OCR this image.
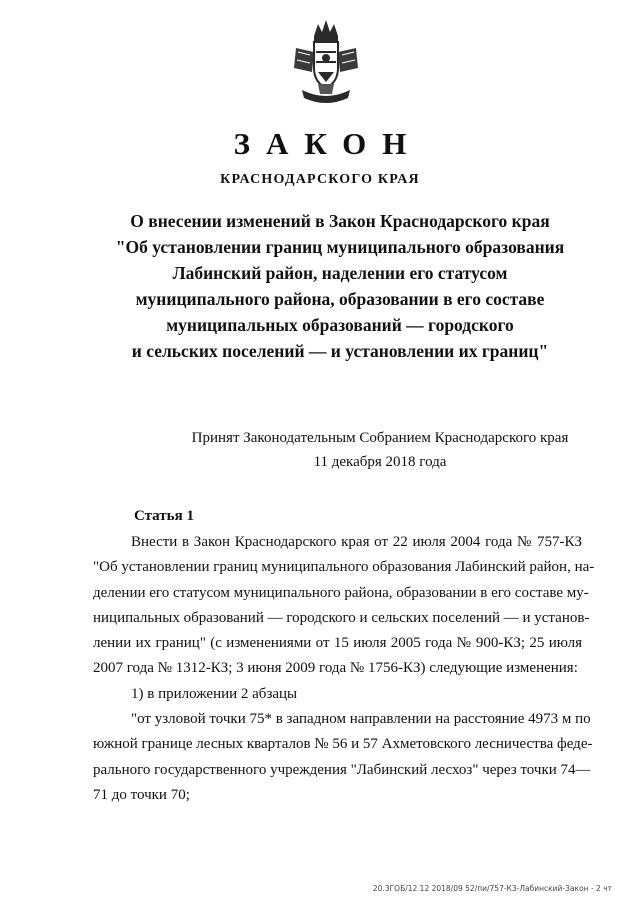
ЗАКОН
КРАСНОДАРСКОГО КРАЯ
О внесении изменений в Закон Краснодарского края
"Об установлении границ муниципального образования
Лабинский район, наделении его статусом
муниципального района, образовании в его составе
муниципальных образований — городского
и сельских поселений — и установлении их границ"
Принят Законодательным Собранием Краснодарского края
11 декабря 2018 года
Статья 1
Внести в Закон Краснодарского края от 22 июля 2004 года № 757-КЗ
"Об установлении границ муниципального образования Лабинский район, на-
делении его статусом муниципального района, образовании в его составе му-
ниципальных образований — городского и сельских поселений — и установ-
лении их границ" (с изменениями от 15 июля 2005 года № 900-КЗ; 25 июля
2007 года № 1312-КЗ; 3 июня 2009 года № 1756-КЗ) следующие изменения:
1) в приложении 2 абзацы
"от узловой точки 75* в западном направлении на расстояние 4973 м по
южной границе лесных кварталов № 56 и 57 Ахметовского лесничества феде-
рального государственного учреждения "Лабинский лесхоз" через точки 74—
71 до точки 70;
20.3ГОБ/12 12 2018/09 52/пи/757-КЗ-Лабинский-Закон - 2 чт
